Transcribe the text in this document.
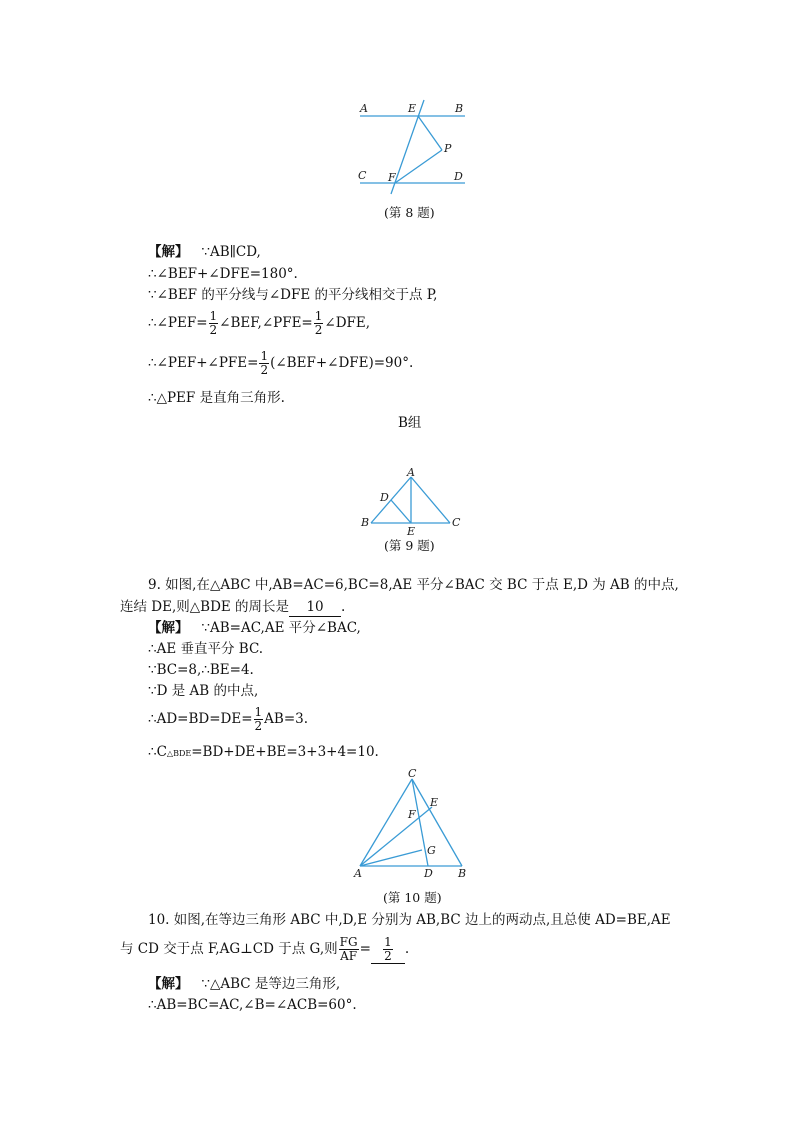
A	E	B
P
C F	D
(第 8 题)
【解】 ∵AB∥CD,
∴∠BEF+∠DFE=180°.
∵∠BEF 的平分线与∠DFE 的平分线相交于点 P,
∴∠PEF= $\frac{1}{2}$ ∠BEF,∠PFE= $\frac{1}{2}$ ∠DFE,
∴∠PEF+∠PFE= $\frac{1}{2}$ (∠BEF+∠DFE)=90°.
∴△PEF 是直角三角形.
B组
A
D
B
E
C
(第 9 题)
9. 如图,在△ABC 中,AB=AC=6,BC=8,AE 平分∠BAC 交 BC 于点 E,D 为 AB 的中点,
连结 DE,则△BDE 的周长是 10 .
【解】 ∵AB=AC,AE 平分∠BAC,
∴AE 垂直平分 BC.
∵BC=8,∴BE=4.
∵D 是 AB 的中点,
∴AD=BD=DE= $\frac{1}{2} AB=3$.
∴C△BDE=BD+DE+BE=3+3+4=10.
C
E
F
G
A	D B
(第 10 题)
10. 如图,在等边三角形 ABC 中,D,E 分别为 AB,BC 边上的两动点,且总使 AD=BE,AE
与 CD 交于点 F,AG⊥CD 于点 G,则 $\frac{FG}{AF} = \frac{1}{2}$ .
【解】 ∵△ABC 是等边三角形,
∴AB=BC=AC,∠B=∠ACB=60°.
